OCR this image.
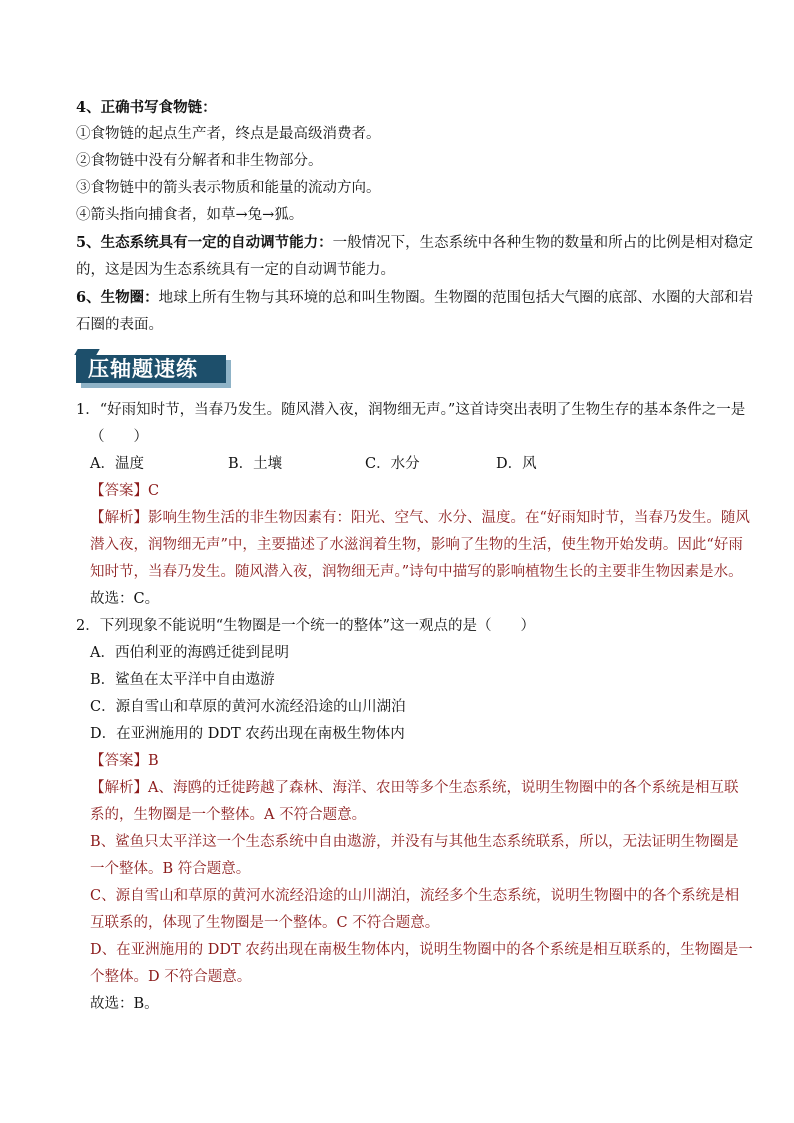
4、正确书写食物链：
①食物链的起点生产者，终点是最高级消费者。
②食物链中没有分解者和非生物部分。
③食物链中的箭头表示物质和能量的流动方向。
④箭头指向捕食者，如草→兔→狐。
5、生态系统具有一定的自动调节能力：一般情况下，生态系统中各种生物的数量和所占的比例是相对稳定
的，这是因为生态系统具有一定的自动调节能力。
6、生物圈：地球上所有生物与其环境的总和叫生物圈。生物圈的范围包括大气圈的底部、水圈的大部和岩
石圈的表面。
压轴题速练
1．“好雨知时节，当春乃发生。随风潜入夜，润物细无声。”这首诗突出表明了生物生存的基本条件之一是
（　　）
A．温度	B．土壤	C．水分	D．风
【答案】C
【解析】影响生物生活的非生物因素有：阳光、空气、水分、温度。在“好雨知时节，当春乃发生。随风
潜入夜，润物细无声”中，主要描述了水滋润着生物，影响了生物的生活，使生物开始发萌。因此“好雨
知时节，当春乃发生。随风潜入夜，润物细无声。”诗句中描写的影响植物生长的主要非生物因素是水。
故选：C。
2．下列现象不能说明“生物圈是一个统一的整体”这一观点的是（　　）
A．西伯利亚的海鸥迁徙到昆明
B．鲨鱼在太平洋中自由遨游
C．源自雪山和草原的黄河水流经沿途的山川湖泊
D．在亚洲施用的 DDT 农药出现在南极生物体内
【答案】B
【解析】A、海鸥的迁徙跨越了森林、海洋、农田等多个生态系统，说明生物圈中的各个系统是相互联
系的，生物圈是一个整体。A 不符合题意。
B、鲨鱼只太平洋这一个生态系统中自由遨游，并没有与其他生态系统联系，所以，无法证明生物圈是
一个整体。B 符合题意。
C、源自雪山和草原的黄河水流经沿途的山川湖泊，流经多个生态系统，说明生物圈中的各个系统是相
互联系的，体现了生物圈是一个整体。C 不符合题意。
D、在亚洲施用的 DDT 农药出现在南极生物体内，说明生物圈中的各个系统是相互联系的，生物圈是一
个整体。D 不符合题意。
故选：B。
